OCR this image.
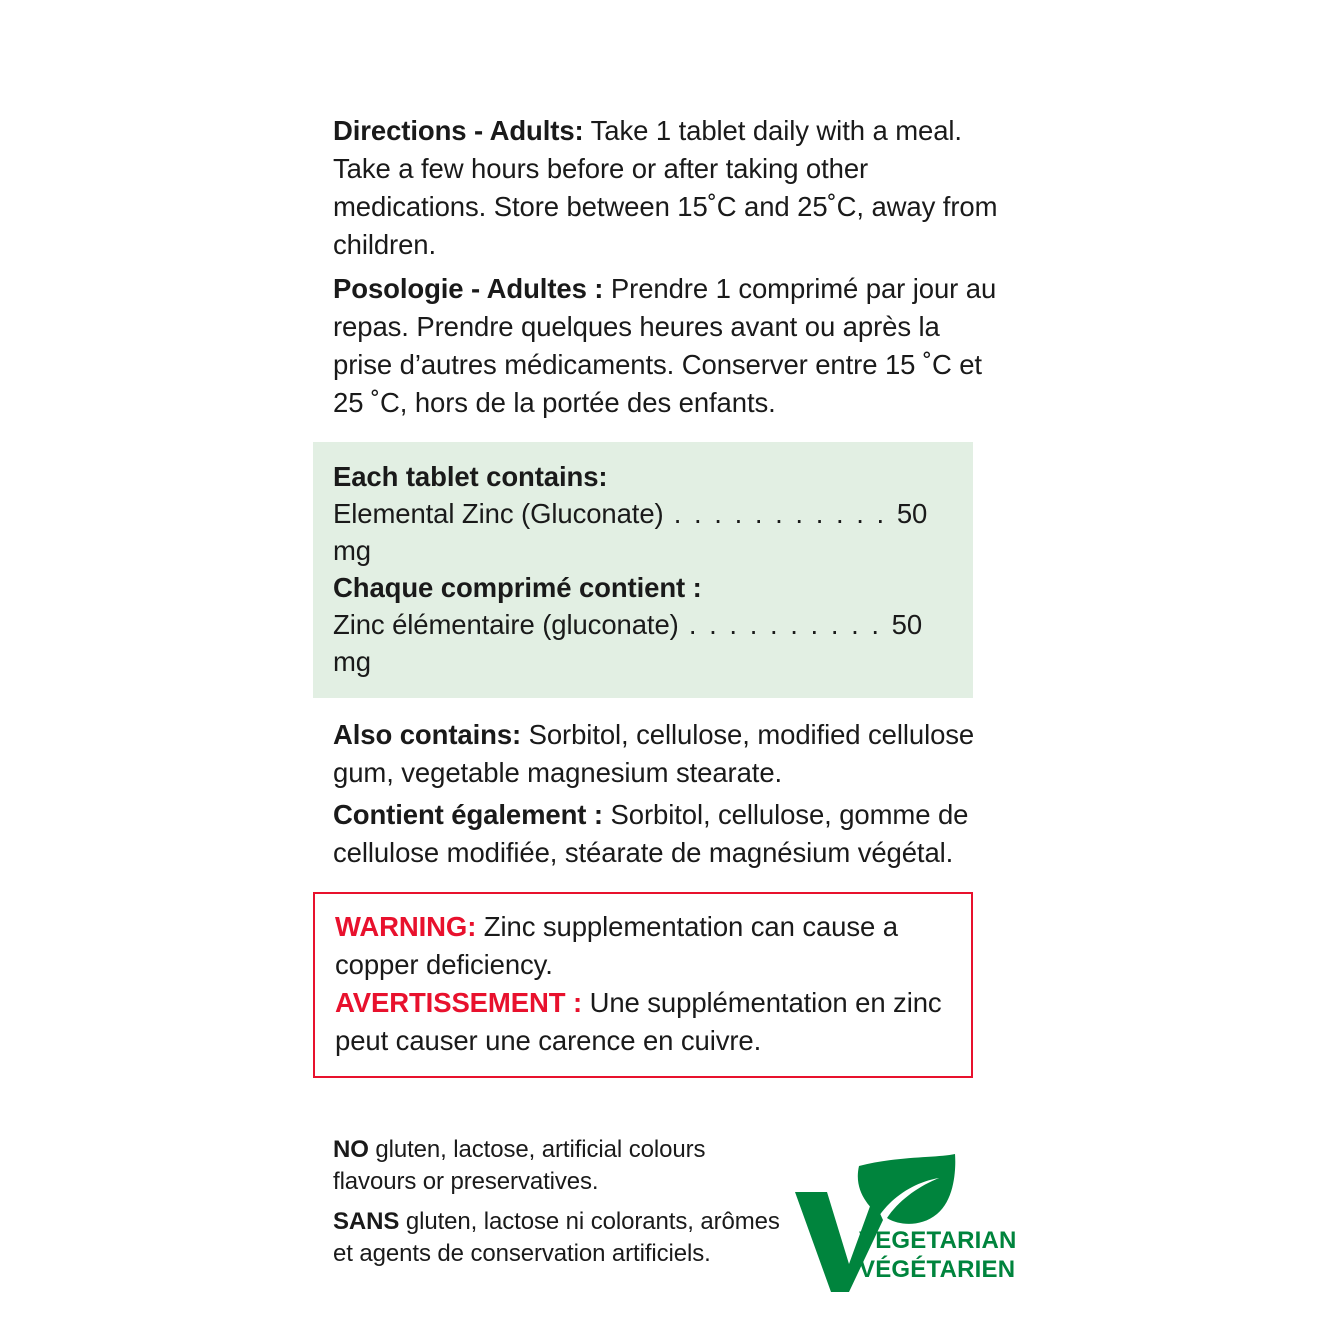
Directions - Adults: Take 1 tablet daily with a meal. Take a few hours before or after taking other medications. Store between 15˚C and 25˚C, away from children.

Posologie - Adultes : Prendre 1 comprimé par jour au repas. Prendre quelques heures avant ou après la prise d’autres médicaments. Conserver entre 15 ˚C et 25 ˚C, hors de la portée des enfants.

Each tablet contains:

Elemental Zinc (Gluconate) . . . . . . . . . . . 50 mg

Chaque comprimé contient :

Zinc élémentaire (gluconate) . . . . . . . . . . 50 mg

Also contains: Sorbitol, cellulose, modified cellulose gum, vegetable magnesium stearate.

Contient également : Sorbitol, cellulose, gomme de cellulose modifiée, stéarate de magnésium végétal.

WARNING: Zinc supplementation can cause a copper deficiency.

AVERTISSEMENT : Une supplémentation en zinc peut causer une carence en cuivre.

NO gluten, lactose, artificial colours flavours or preservatives.

SANS gluten, lactose ni colorants, arômes et agents de conservation artificiels.	VEGETARIAN
VÉGÉTARIEN
